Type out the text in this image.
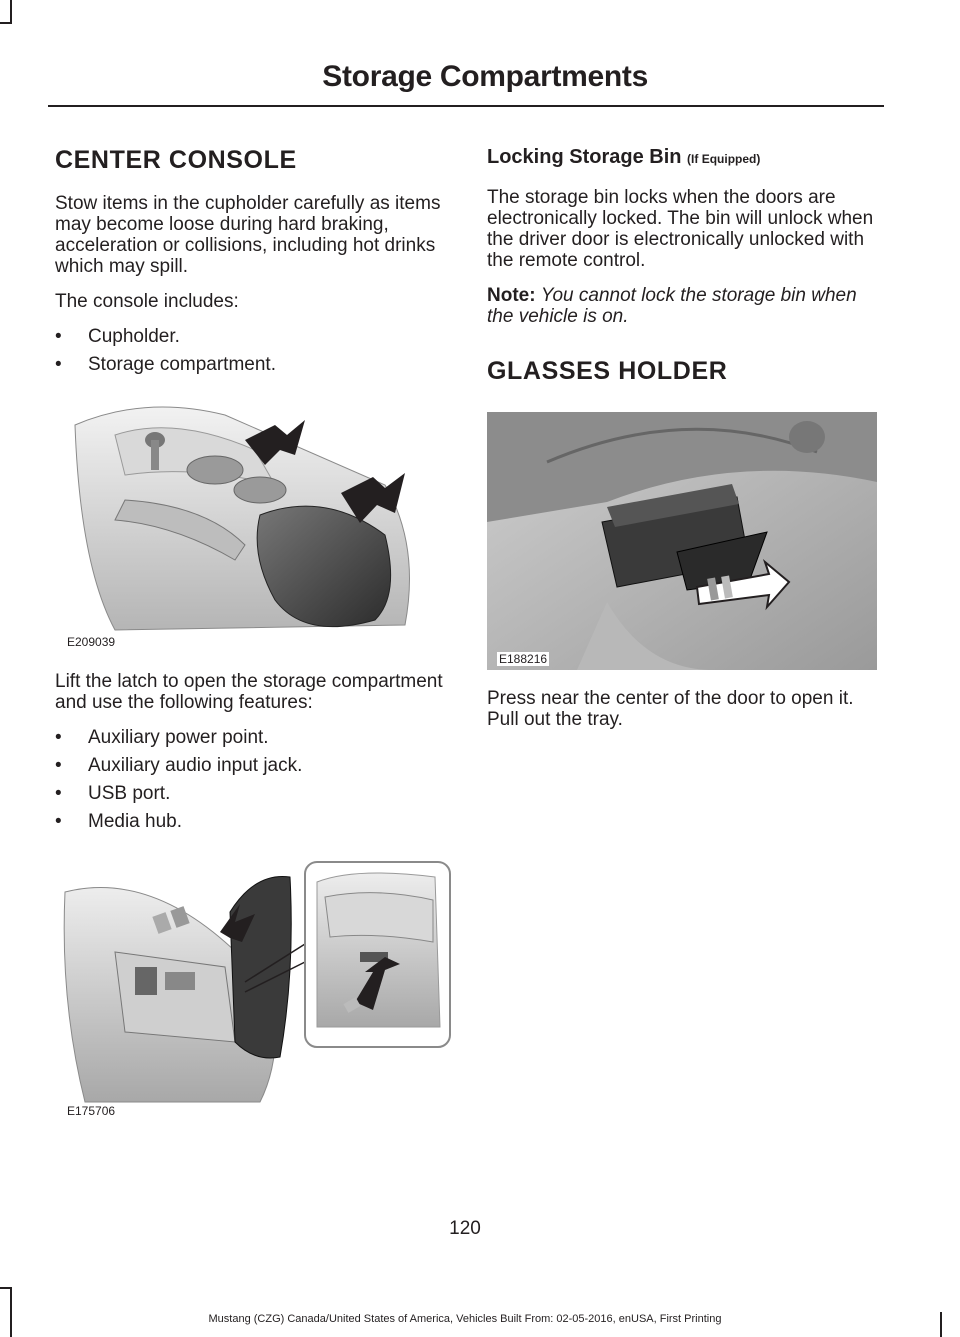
Storage Compartments
CENTER CONSOLE

Stow items in the cupholder carefully as items may become loose during hard braking, acceleration or collisions, including hot drinks which may spill.

The console includes:

• Cupholder.
• Storage compartment.
E209039

Lift the latch to open the storage compartment and use the following features:

• Auxiliary power point.
• Auxiliary audio input jack.
• USB port.
• Media hub.
E175706
Locking Storage Bin (If Equipped)

The storage bin locks when the doors are electronically locked. The bin will unlock when the driver door is electronically unlocked with the remote control.

Note: You cannot lock the storage bin when the vehicle is on.

GLASSES HOLDER
E188216

Press near the center of the door to open it. Pull out the tray.

120
Mustang (CZG) Canada/United States of America, Vehicles Built From: 02-05-2016, enUSA, First Printing
